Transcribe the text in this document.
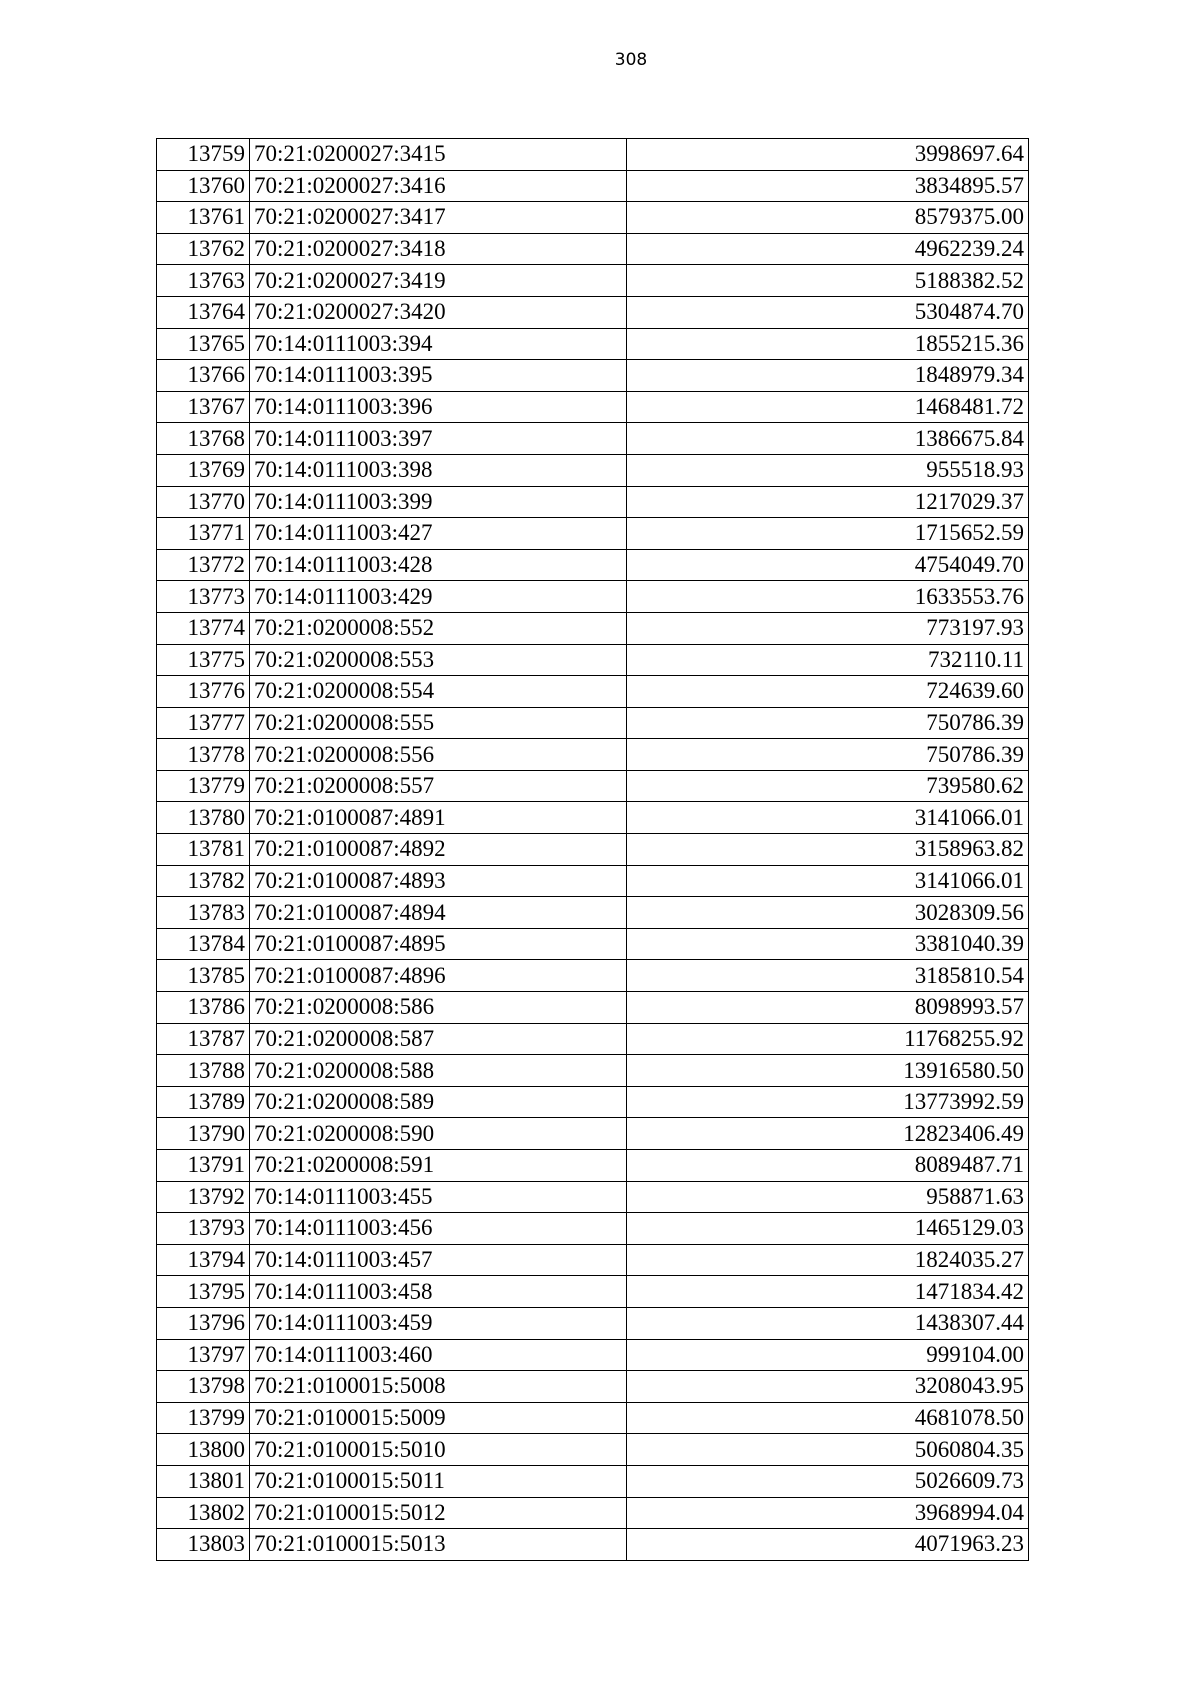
308
13759	70:21:0200027:3415	3998697.64
13760	70:21:0200027:3416	3834895.57
13761	70:21:0200027:3417	8579375.00
13762	70:21:0200027:3418	4962239.24
13763	70:21:0200027:3419	5188382.52
13764	70:21:0200027:3420	5304874.70
13765	70:14:0111003:394	1855215.36
13766	70:14:0111003:395	1848979.34
13767	70:14:0111003:396	1468481.72
13768	70:14:0111003:397	1386675.84
13769	70:14:0111003:398	955518.93
13770	70:14:0111003:399	1217029.37
13771	70:14:0111003:427	1715652.59
13772	70:14:0111003:428	4754049.70
13773	70:14:0111003:429	1633553.76
13774	70:21:0200008:552	773197.93
13775	70:21:0200008:553	732110.11
13776	70:21:0200008:554	724639.60
13777	70:21:0200008:555	750786.39
13778	70:21:0200008:556	750786.39
13779	70:21:0200008:557	739580.62
13780	70:21:0100087:4891	3141066.01
13781	70:21:0100087:4892	3158963.82
13782	70:21:0100087:4893	3141066.01
13783	70:21:0100087:4894	3028309.56
13784	70:21:0100087:4895	3381040.39
13785	70:21:0100087:4896	3185810.54
13786	70:21:0200008:586	8098993.57
13787	70:21:0200008:587	11768255.92
13788	70:21:0200008:588	13916580.50
13789	70:21:0200008:589	13773992.59
13790	70:21:0200008:590	12823406.49
13791	70:21:0200008:591	8089487.71
13792	70:14:0111003:455	958871.63
13793	70:14:0111003:456	1465129.03
13794	70:14:0111003:457	1824035.27
13795	70:14:0111003:458	1471834.42
13796	70:14:0111003:459	1438307.44
13797	70:14:0111003:460	999104.00
13798	70:21:0100015:5008	3208043.95
13799	70:21:0100015:5009	4681078.50
13800	70:21:0100015:5010	5060804.35
13801	70:21:0100015:5011	5026609.73
13802	70:21:0100015:5012	3968994.04
13803	70:21:0100015:5013	4071963.23
